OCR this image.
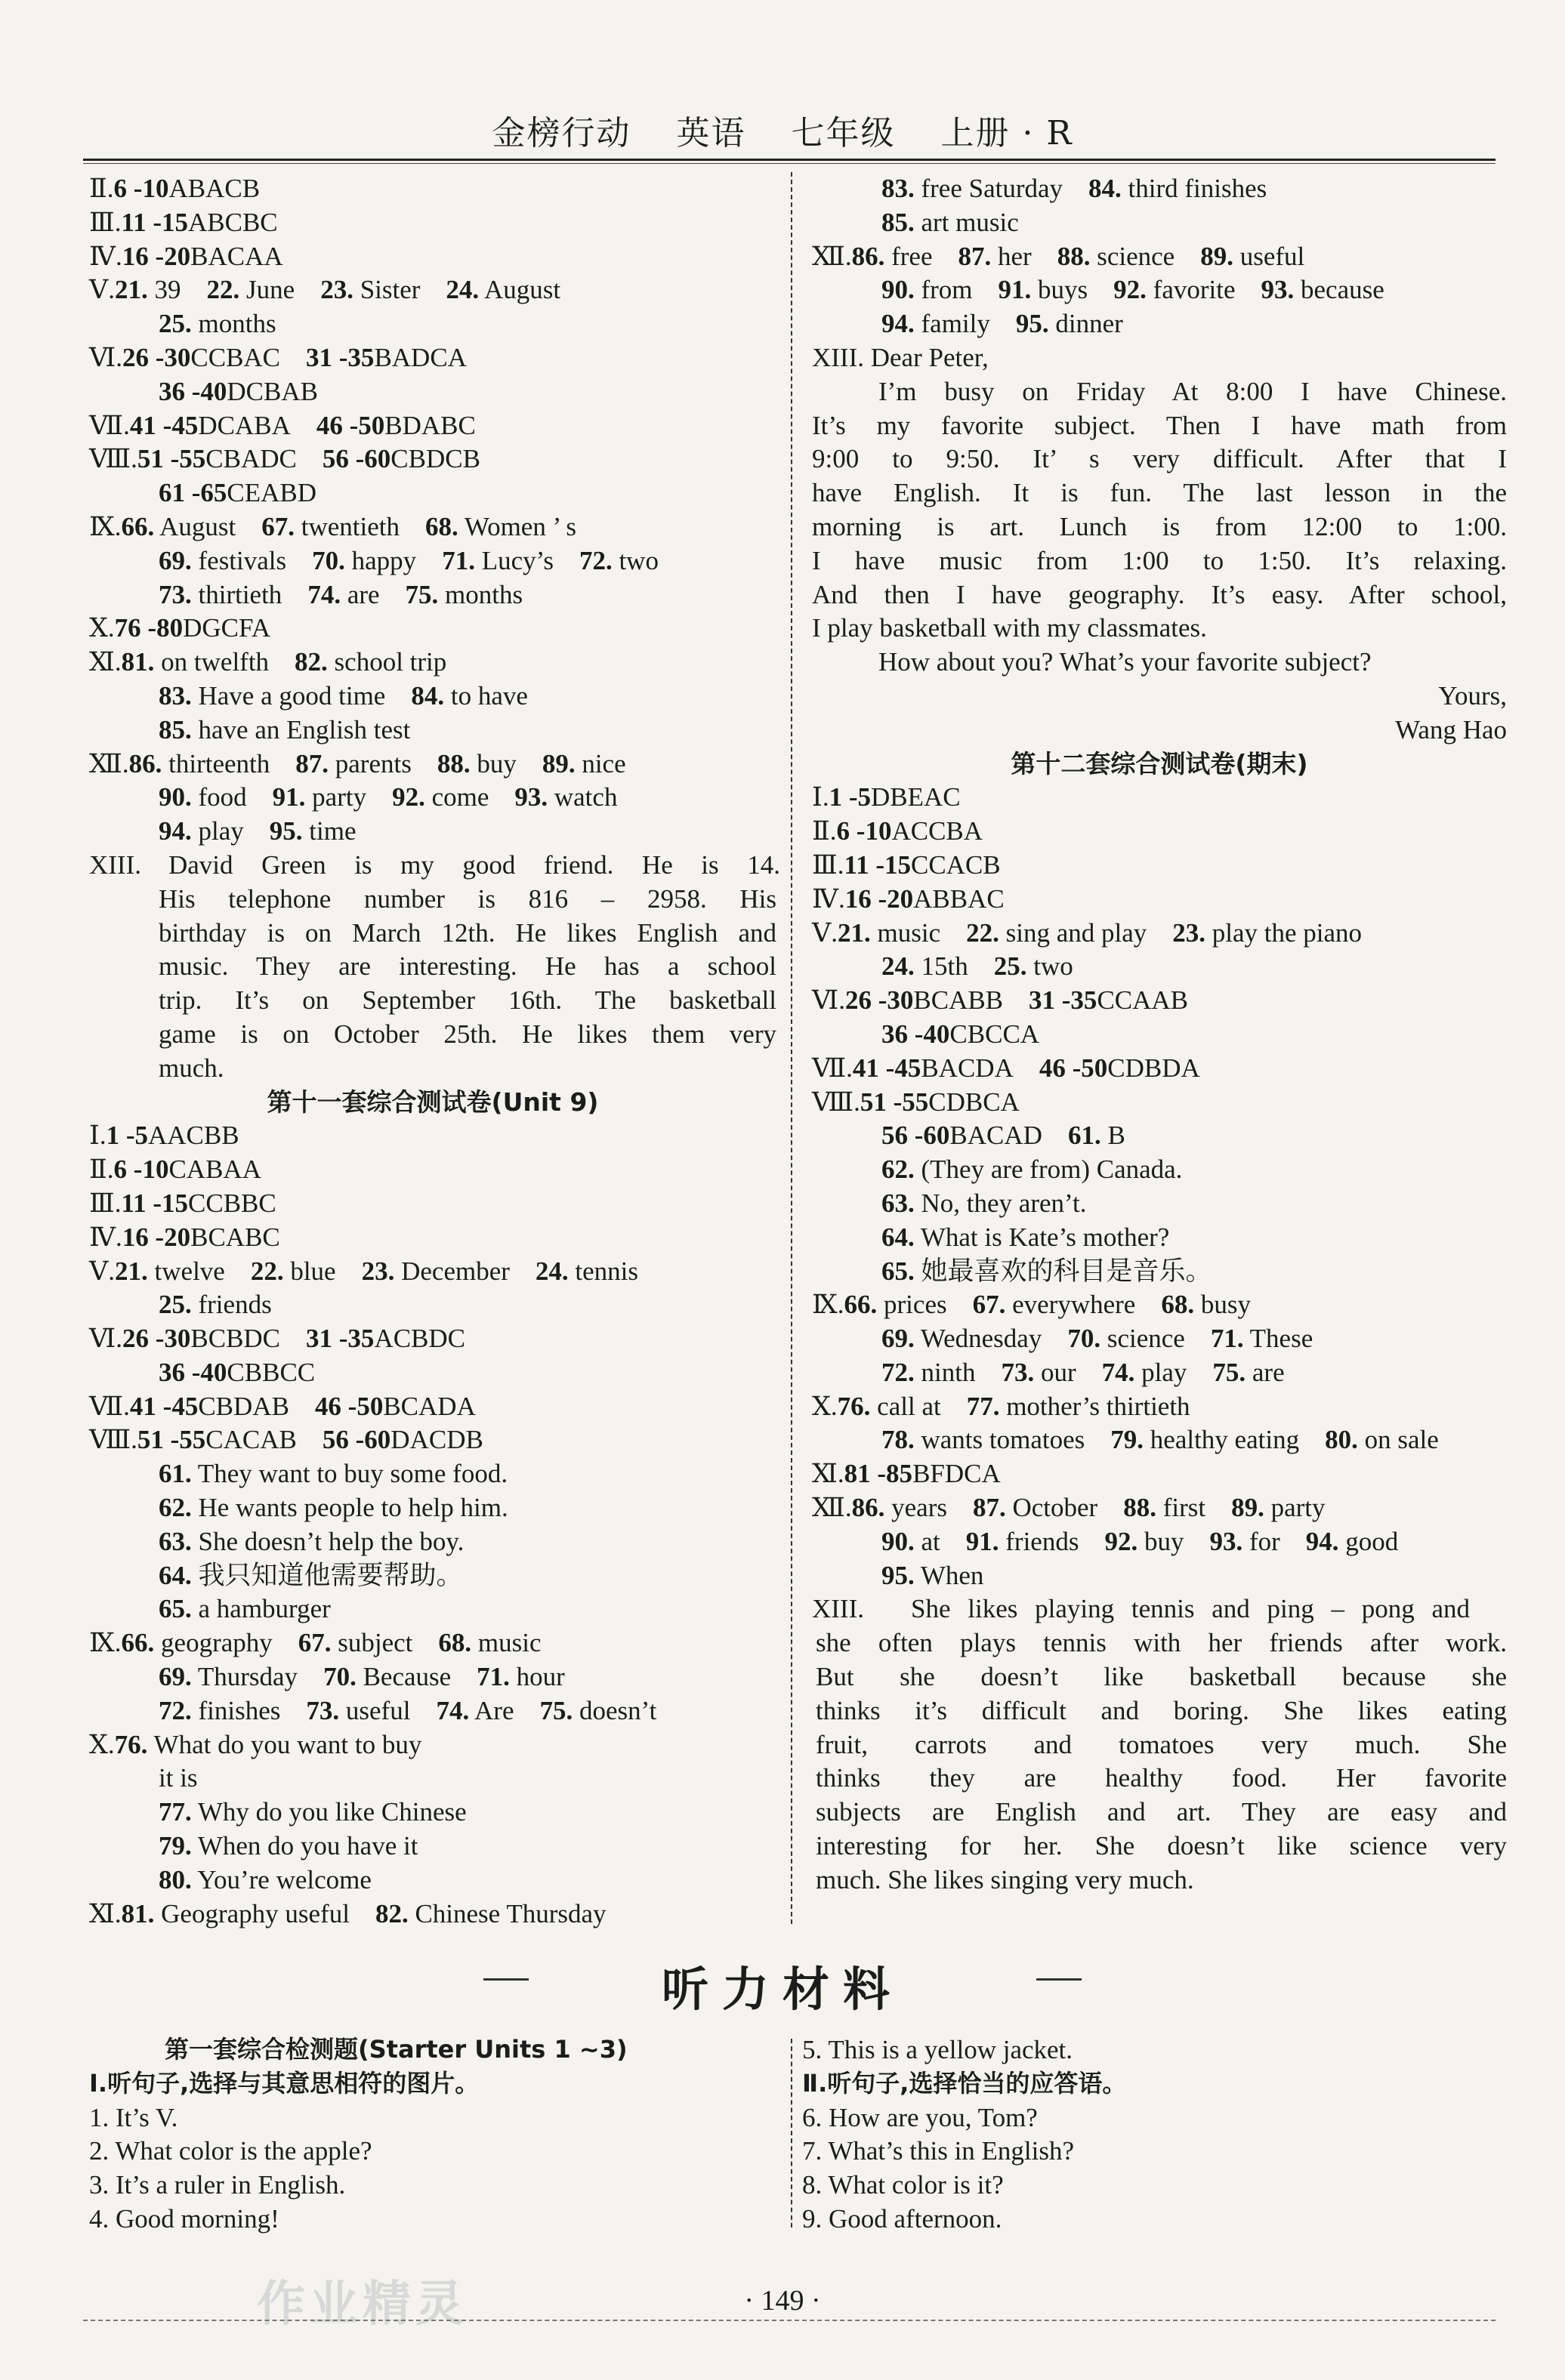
金榜行动 英语 七年级 上册 · R
Ⅱ.6 -10ABACB
Ⅲ.11 -15ABCBC
Ⅳ.16 -20BACAA
Ⅴ.21. 39 22. June 23. Sister 24. August
25. months
Ⅵ.26 -30CCBAC 31 -35BADCA
36 -40DCBAB
Ⅶ.41 -45DCABA 46 -50BDABC
Ⅷ.51 -55CBADC 56 -60CBDCB
61 -65CEABD
Ⅸ.66. August 67. twentieth 68. Women ’ s
69. festivals 70. happy 71. Lucy’s 72. two
73. thirtieth 74. are 75. months
Ⅹ.76 -80DGCFA
Ⅺ.81. on twelfth 82. school trip
83. Have a good time 84. to have
85. have an English test
Ⅻ.86. thirteenth 87. parents 88. buy 89. nice
90. food 91. party 92. come 93. watch
94. play 95. time
XIII. David Green is my good friend. He is 14.
His telephone number is 816 – 2958. His
birthday is on March 12th. He likes English and
music. They are interesting. He has a school
trip. It’s on September 16th. The basketball
game is on October 25th. He likes them very
much.
第十一套综合测试卷(Unit 9)
Ⅰ.1 -5AACBB
Ⅱ.6 -10CABAA
Ⅲ.11 -15CCBBC
Ⅳ.16 -20BCABC
Ⅴ.21. twelve 22. blue 23. December 24. tennis
25. friends
Ⅵ.26 -30BCBDC 31 -35ACBDC
36 -40CBBCC
Ⅶ.41 -45CBDAB 46 -50BCADA
Ⅷ.51 -55CACAB 56 -60DACDB
61. They want to buy some food.
62. He wants people to help him.
63. She doesn’t help the boy.
64. 我只知道他需要帮助。
65. a hamburger
Ⅸ.66. geography 67. subject 68. music
69. Thursday 70. Because 71. hour
72. finishes 73. useful 74. Are 75. doesn’t
Ⅹ.76. What do you want to buy
it is
77. Why do you like Chinese
79. When do you have it
80. You’re welcome
Ⅺ.81. Geography useful 82. Chinese Thursday
83. free Saturday 84. third finishes
85. art music
Ⅻ.86. free 87. her 88. science 89. useful
90. from 91. buys 92. favorite 93. because
94. family 95. dinner
XIII. Dear Peter,
I’m busy on Friday At 8:00 I have Chinese.
It’s my favorite subject. Then I have math from
9:00 to 9:50. It’ s very difficult. After that I
have English. It is fun. The last lesson in the
morning is art. Lunch is from 12:00 to 1:00.
I have music from 1:00 to 1:50. It’s relaxing.
And then I have geography. It’s easy. After school,
I play basketball with my classmates.
How about you? What’s your favorite subject?
Yours,
Wang Hao
第十二套综合测试卷(期末)
Ⅰ.1 -5DBEAC
Ⅱ.6 -10ACCBA
Ⅲ.11 -15CCACB
Ⅳ.16 -20ABBAC
Ⅴ.21. music 22. sing and play 23. play the piano
24. 15th 25. two
Ⅵ.26 -30BCABB 31 -35CCAAB
36 -40CBCCA
Ⅶ.41 -45BACDA 46 -50CDBDA
Ⅷ.51 -55CDBCA
56 -60BACAD 61. B
62. (They are from) Canada.
63. No, they aren’t.
64. What is Kate’s mother?
65. 她最喜欢的科目是音乐。
Ⅸ.66. prices 67. everywhere 68. busy
69. Wednesday 70. science 71. These
72. ninth 73. our 74. play 75. are
Ⅹ.76. call at 77. mother’s thirtieth
78. wants tomatoes 79. healthy eating 80. on sale
Ⅺ.81 -85BFDCA
Ⅻ.86. years 87. October 88. first 89. party
90. at 91. friends 92. buy 93. for 94. good
95. When
XIII. She likes playing tennis and ping – pong and
she often plays tennis with her friends after work.
But she doesn’t like basketball because she
thinks it’s difficult and boring. She likes eating
fruit, carrots and tomatoes very much. She
thinks they are healthy food. Her favorite
subjects are English and art. They are easy and
interesting for her. She doesn’t like science very
much. She likes singing very much.
听力材料
第一套综合检测题(Starter Units 1 ~3)
Ⅰ.听句子,选择与其意思相符的图片。
1. It’s V.
2. What color is the apple?
3. It’s a ruler in English.
4. Good morning!
5. This is a yellow jacket.
Ⅱ.听句子,选择恰当的应答语。
6. How are you, Tom?
7. What’s this in English?
8. What color is it?
9. Good afternoon.
作业精灵	· 149 ·
